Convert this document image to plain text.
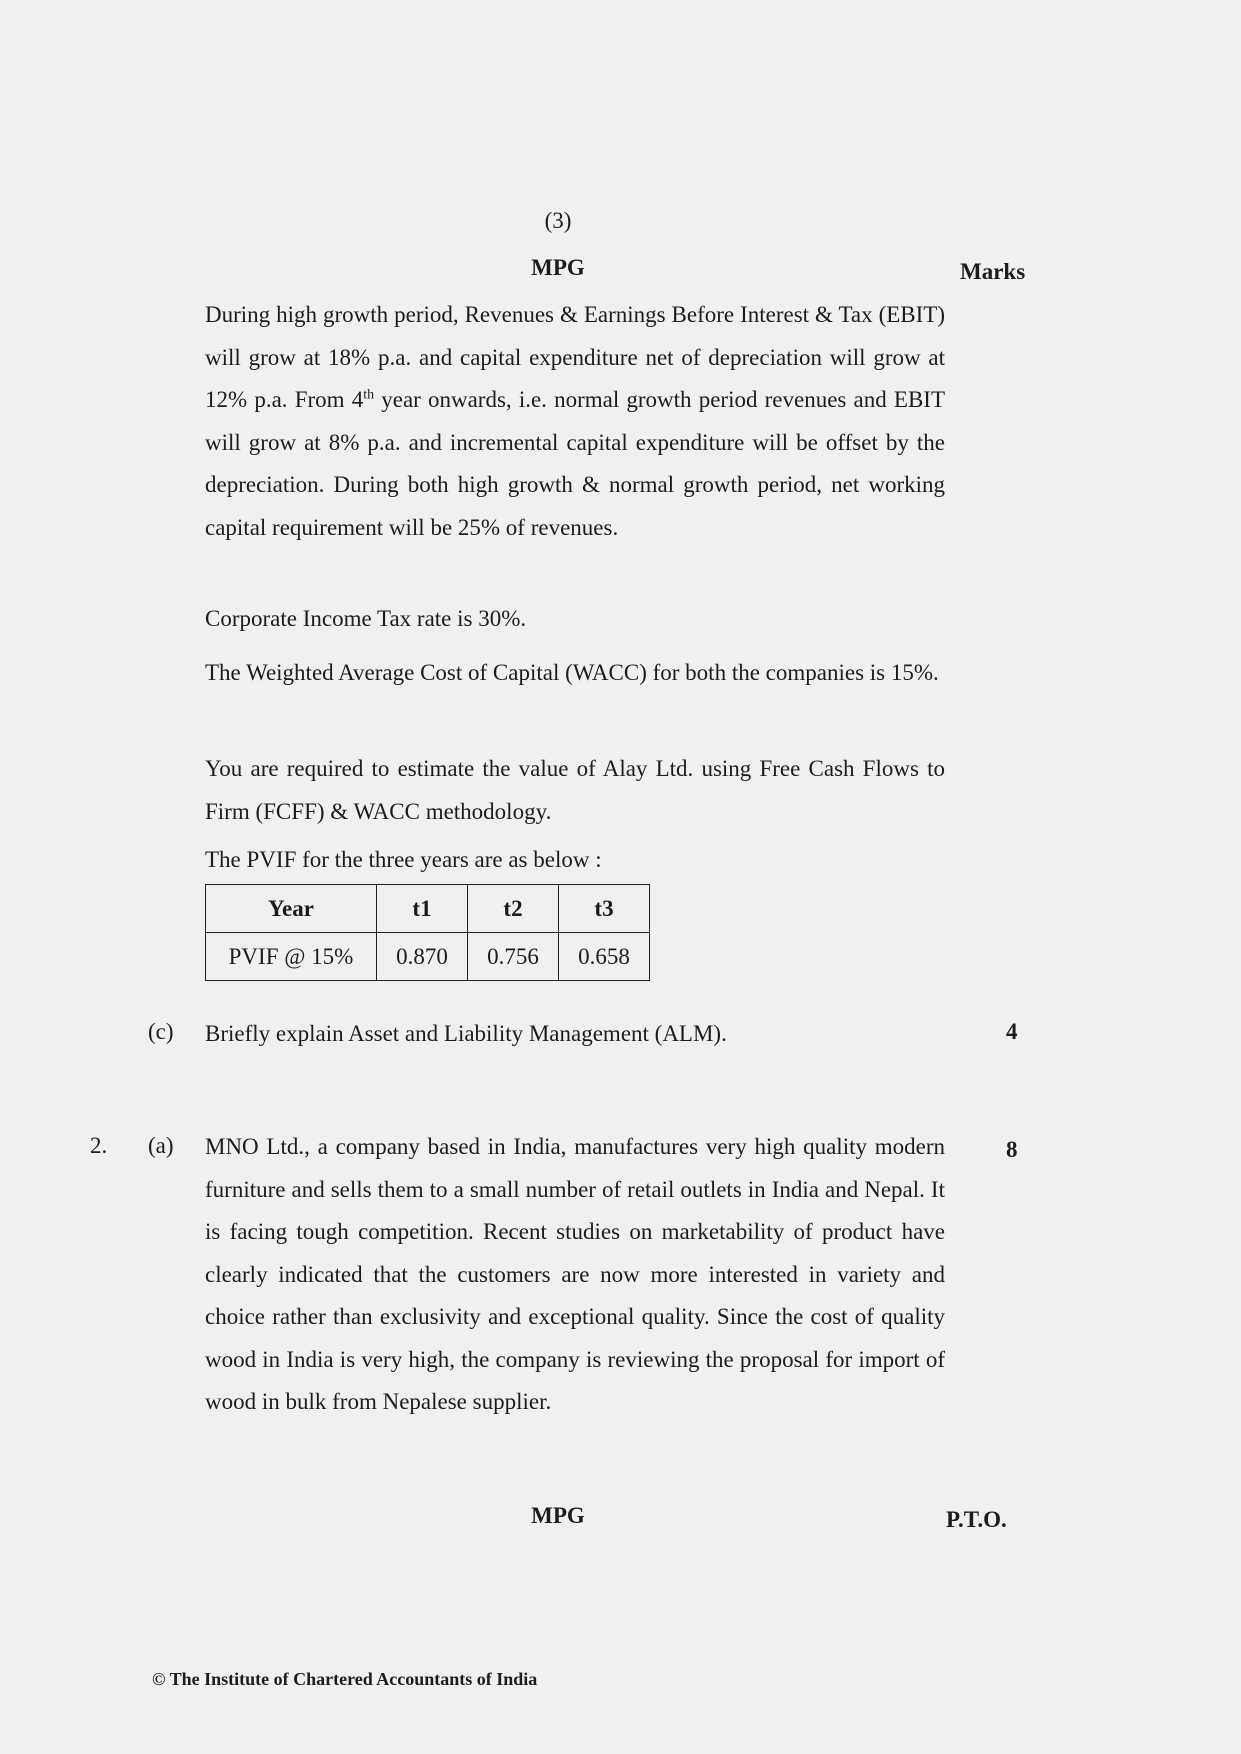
(3)
MPG	Marks

During high growth period, Revenues & Earnings Before Interest & Tax (EBIT) will grow at 18% p.a. and capital expenditure net of depreciation will grow at 12% p.a. From 4th year onwards, i.e. normal growth period revenues and EBIT will grow at 8% p.a. and incremental capital expenditure will be offset by the depreciation. During both high growth & normal growth period, net working capital requirement will be 25% of revenues.

Corporate Income Tax rate is 30%.

The Weighted Average Cost of Capital (WACC) for both the companies is 15%.

You are required to estimate the value of Alay Ltd. using Free Cash Flows to Firm (FCFF) & WACC methodology.

The PVIF for the three years are as below :

Year	t1	t2	t3
PVIF @ 15%	0.870	0.756	0.658
(c) Briefly explain Asset and Liability Management (ALM).	4
2. (a) MNO Ltd., a company based in India, manufactures very high quality modern furniture and sells them to a small number of retail outlets in India and Nepal. It is facing tough competition. Recent studies on marketability of product have clearly indicated that the customers are now more interested in variety and choice rather than exclusivity and exceptional quality. Since the cost of quality wood in India is very high, the company is reviewing the proposal for import of wood in bulk from Nepalese supplier.

8
MPG	P.T.O.
© The Institute of Chartered Accountants of India
